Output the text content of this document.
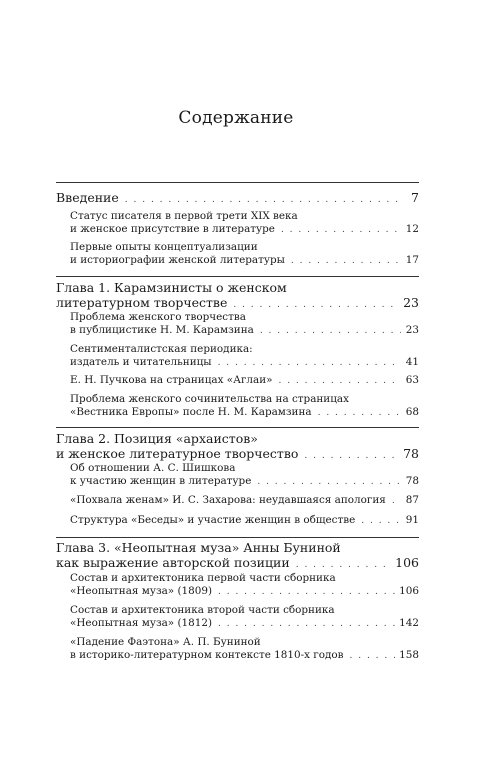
Содержание
Введение . . .	7
Статус писателя в первой трети XIX века
и женское присутствие в литературе . . .	12
Первые опыты концептуализации
и историографии женской литературы . . .	17
Глава 1. Карамзинисты о женском
литературном творчестве . . .	23
Проблема женского творчества
в публицистике Н. М. Карамзина . . .	23
Сентименталистская периодика:
издатель и читательницы . . .	41
Е. Н. Пучкова на страницах «Аглаи» . . .	63
Проблема женского сочинительства на страницах
«Вестника Европы» после Н. М. Карамзина . . .	68
Глава 2. Позиция «архаистов»
и женское литературное творчество . . .	78
Об отношении А. С. Шишкова
к участию женщин в литературе . . .	78
«Похвала женам» И. С. Захарова: неудавшаяся апология . . . 87
Структура «Беседы» и участие женщин в обществе . . .	91
Глава 3. «Неопытная муза» Анны Буниной
как выражение авторской позиции . . .	106
Состав и архитектоника первой части сборника
«Неопытная муза» (1809) . . .	106
Состав и архитектоника второй части сборника
«Неопытная муза» (1812) . . .	142
«Падение Фаэтона» А. П. Буниной
в историко-литературном контексте 1810-х годов . . .	158
